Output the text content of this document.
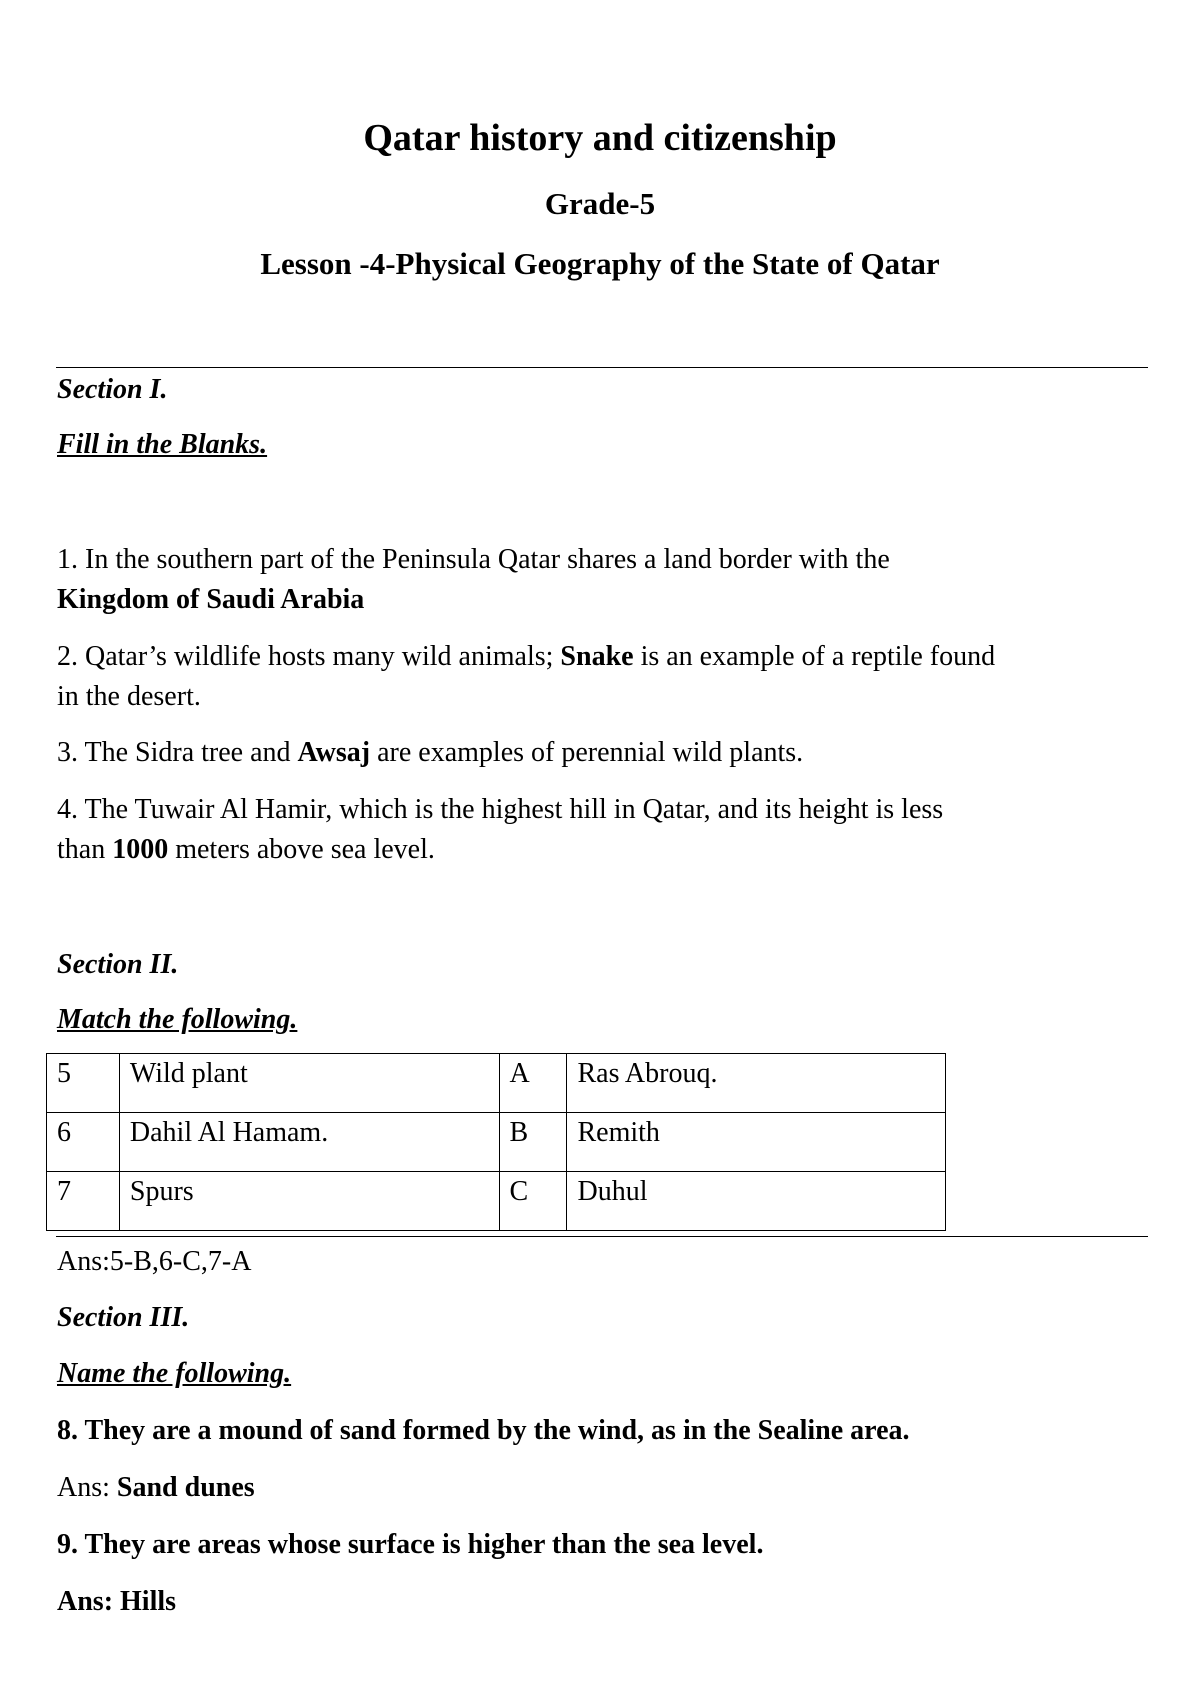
Qatar history and citizenship
Grade-5
Lesson -4-Physical Geography of the State of Qatar
Section I.
Fill in the Blanks.
1. In the southern part of the Peninsula Qatar shares a land border with the
Kingdom of Saudi Arabia
2. Qatar’s wildlife hosts many wild animals; Snake is an example of a reptile found
in the desert.
3. The Sidra tree and Awsaj are examples of perennial wild plants.
4. The Tuwair Al Hamir, which is the highest hill in Qatar, and its height is less
than 1000 meters above sea level.
Section II.
Match the following.
5	Wild plant	A	Ras Abrouq.
6	Dahil Al Hamam.	B	Remith
7	Spurs	C	Duhul
Ans:5-B,6-C,7-A
Section III.
Name the following.
8. They are a mound of sand formed by the wind, as in the Sealine area.
Ans: Sand dunes
9. They are areas whose surface is higher than the sea level.
Ans: Hills
